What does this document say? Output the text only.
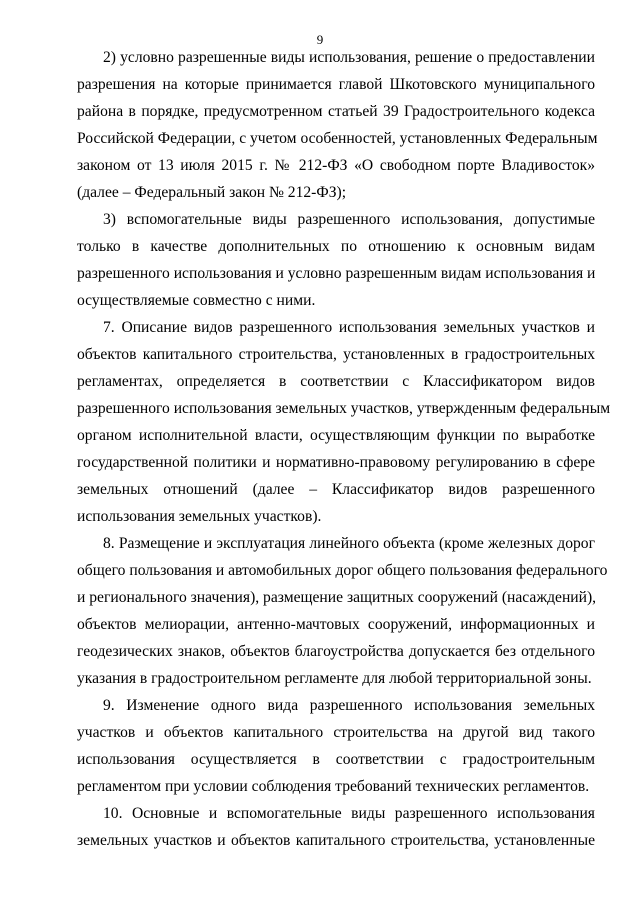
9
2) условно разрешенные виды использования, решение о предоставлении
разрешения на которые принимается главой Шкотовского муниципального
района в порядке, предусмотренном статьей 39 Градостроительного кодекса
Российской Федерации, с учетом особенностей, установленных Федеральным
законом от 13 июля 2015 г. № 212-ФЗ «О свободном порте Владивосток»
(далее – Федеральный закон № 212-ФЗ);
3) вспомогательные виды разрешенного использования, допустимые
только в качестве дополнительных по отношению к основным видам
разрешенного использования и условно разрешенным видам использования и
осуществляемые совместно с ними.
7. Описание видов разрешенного использования земельных участков и
объектов капитального строительства, установленных в градостроительных
регламентах, определяется в соответствии с Классификатором видов
разрешенного использования земельных участков, утвержденным федеральным
органом исполнительной власти, осуществляющим функции по выработке
государственной политики и нормативно-правовому регулированию в сфере
земельных отношений (далее – Классификатор видов разрешенного
использования земельных участков).
8. Размещение и эксплуатация линейного объекта (кроме железных дорог
общего пользования и автомобильных дорог общего пользования федерального
и регионального значения), размещение защитных сооружений (насаждений),
объектов мелиорации, антенно-мачтовых сооружений, информационных и
геодезических знаков, объектов благоустройства допускается без отдельного
указания в градостроительном регламенте для любой территориальной зоны.
9. Изменение одного вида разрешенного использования земельных
участков и объектов капитального строительства на другой вид такого
использования осуществляется в соответствии с градостроительным
регламентом при условии соблюдения требований технических регламентов.
10. Основные и вспомогательные виды разрешенного использования
земельных участков и объектов капитального строительства, установленные
